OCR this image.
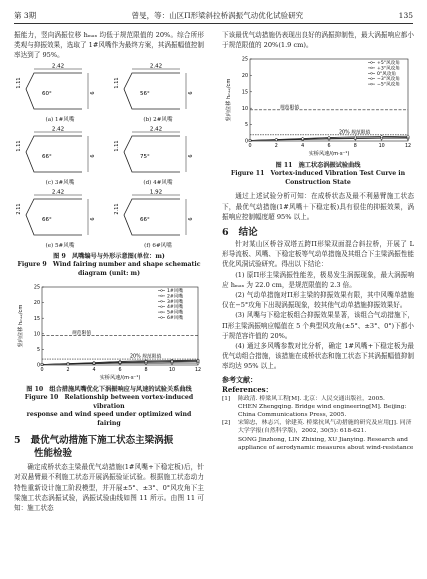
第 3期	曾旻，等：山区Π形梁斜拉桥涡振气动优化试验研究	135

振能力，竖向涡振位移 hₘₐₓ 均低于规范限值的 20%。综合所形类观与抑振效果，选取了 1#风嘴作为最终方案，其涡振幅值控制率达到了 95%。

2.42
1.11
6
60°
(a) 1#风嘴
2.42
1.11
6
56°
(b) 2#风嘴
2.42
1.11
6
66°
(c) 3#风嘴
2.42
1.11
6
75°
(d) 4#风嘴
2.42
2.11
6
66°
(e) 5#风嘴
1.92
2.11
6
66°
(f) 6#风嘴
图 9　风嘴编号与外形示意图(单位：m)
Figure 9　Wind fairing number and shape schematic
diagram (unit: m)
0	2	4	6	8	10	12
0
5
10
15
20
25
实桥风速/(m·s⁻¹)
竖向位移 hₘₐₓ/cm	规范限值
20% 规范限值
1#风嘴
2#风嘴
3#风嘴
4#风嘴
5#风嘴
6#风嘴
图 10　组合措施风嘴优化下涡振响应与风速的试验关系曲线
Figure 10　Relationship between vortex-induced vibration
response and wind speed under optimized wind fairing
5 最优气动措施下施工状态主梁涡振
性能检验

确定成桥状态主梁最优气动措施(1#风嘴+下稳定板)后，针对双悬臂最不利施工状态开展涡振验证试验。根据施工状态动力特性重新设计施工阶段模型，并开展±5°、±3°、0°风攻角下主梁施工状态涡振试验，涡振试验曲线如图 11 所示。由图 11 可知：施工状态

下该最优气动措施仍表现出良好的涡振抑制性，最大涡振响应都小于规范限值的 20%(1.9 cm)。

0	2	4	6	8	10	12
0
5
10
15
20
25
实桥风速/(m·s⁻¹)
竖向位移 hₘₐₓ/cm	规范限值
20% 规范限值
+5°风攻角
+3°风攻角
0°风攻角
−3°风攻角
−5°风攻角
图 11　施工状态涡振试验曲线
Figure 11　Vortex-induced Vibration Test Curve in
Construction State

通过上述试验分析可知：在成桥状态及最不利悬臂施工状态下，最优气动措施(1#风嘴＋下稳定板)具有很佳的抑振效果，涡振响应控制幅度超 95% 以上。

6 结论

针对某山区桥谷双塔五跨Π形梁双面混合斜拉桥，开展了 L 形导流板、风嘴、下稳定板等气动单措施及其组合下主梁涡振性能优化风洞试验研究。得出以下结论：

(1) 原Π形主梁涡振性能差，极易发生涡振现象，最大涡振响应 hₘₐₓ 为 22.0 cm，是规范限值的 2.3 倍。

(2) 气动单措施对Π形主梁的抑振效果有限，其中风嘴单措施仅在−5°攻角下出现涡振现象，较其他气动单措施抑振效果好。

(3) 风嘴与下稳定板组合抑振效果显著，该组合气动措施下，Π形主梁涡振响应幅值在 5 个典型风攻角(±5°、±3°、0°)下都小于规范容许值的 20%。

(4) 通过多风嘴参数对比分析，确定 1#风嘴+下稳定板为最优气动组合措施，该措施在成桥状态和施工状态下其涡振幅值抑制率均达 95% 以上。

参考文献：
References：
[1]	陈政清. 桥梁风工程[M]. 北京：人民交通出版社，2005.
CHEN Zhengqing. Bridge wind engineering[M]. Beijing: China Communications Press, 2005.
[2]	宋锦忠，林志兴，徐建英. 桥梁抗风气动措施的研究及应用[J]. 同济大学学报(自然科学版)，2002, 30(5): 618-621.
SONG Jinzhong, LIN Zhixing, XU Jianying. Research and appliance of aerodynamic measures about wind-resistance
